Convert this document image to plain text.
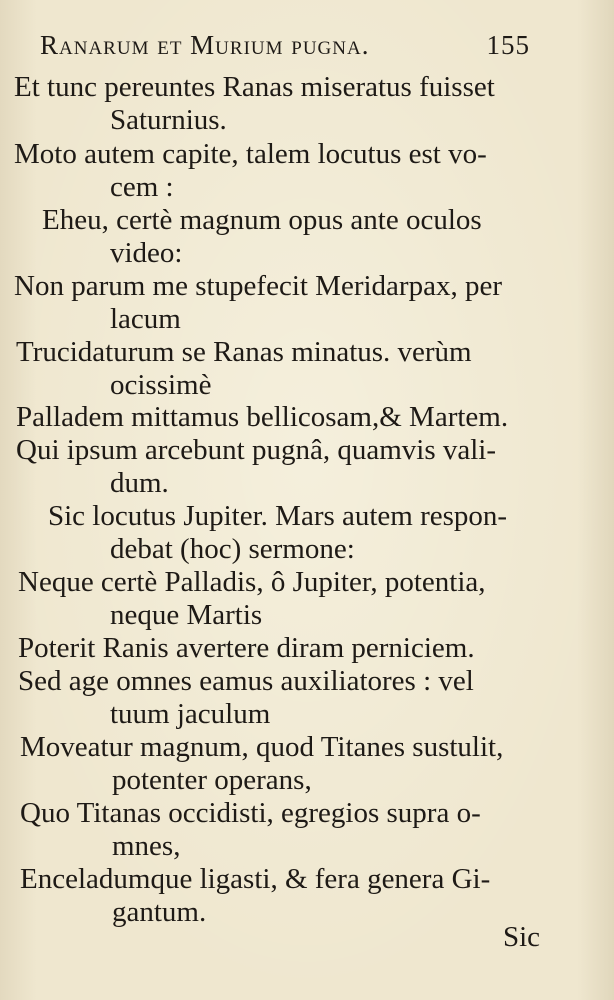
Ranarum et Murium pugna.	155
Et tunc pereuntes Ranas miseratus fuisset
Saturnius.
Moto autem capite, talem locutus est vo-
cem :
Eheu, certè magnum opus ante oculos
video:
Non parum me stupefecit Meridarpax, per
lacum
Trucidaturum se Ranas minatus. verùm
ocissimè
Palladem mittamus bellicosam,& Martem.
Qui ipsum arcebunt pugnâ, quamvis vali-
dum.
Sic locutus Jupiter. Mars autem respon-
debat (hoc) sermone:
Neque certè Palladis, ô Jupiter, potentia,
neque Martis
Poterit Ranis avertere diram perniciem.
Sed age omnes eamus auxiliatores : vel
tuum jaculum
Moveatur magnum, quod Titanes sustulit,
potenter operans,
Quo Titanas occidisti, egregios supra o-
mnes,
Enceladumque ligasti, & fera genera Gi-
gantum.
Sic
